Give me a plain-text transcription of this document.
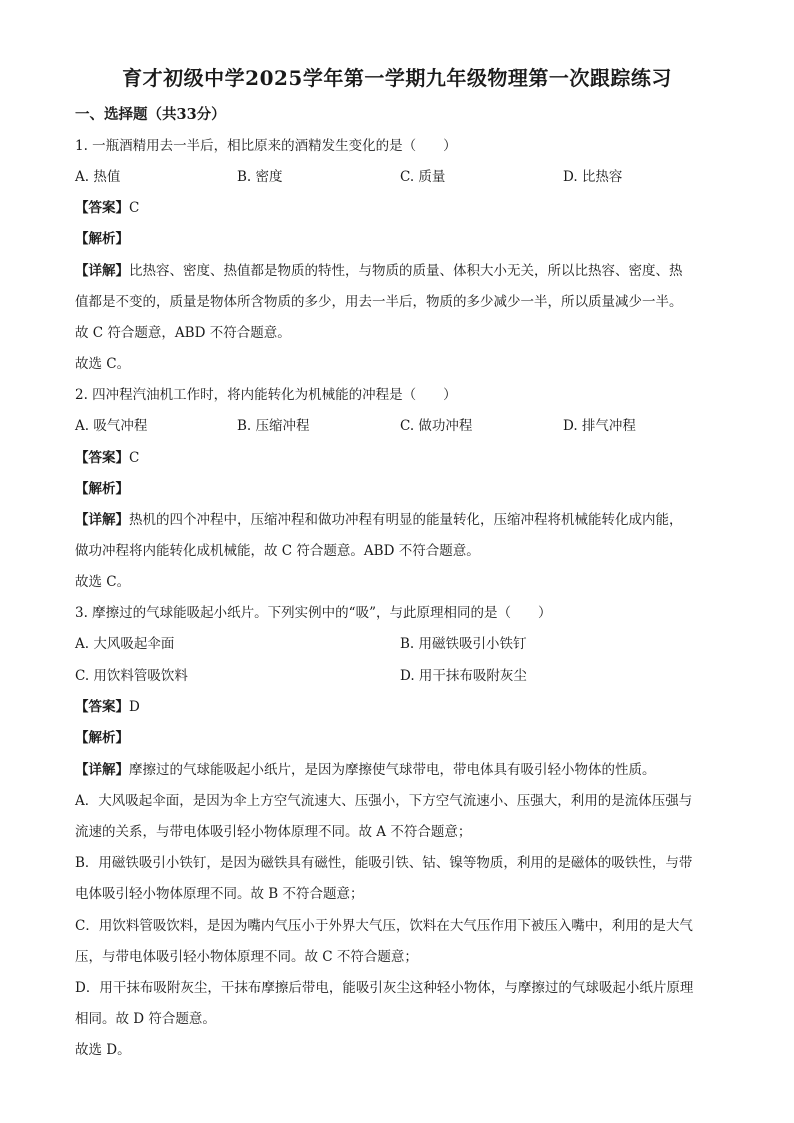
育才初级中学2025学年第一学期九年级物理第一次跟踪练习
一、选择题（共33分）
1. 一瓶酒精用去一半后，相比原来的酒精发生变化的是（　　）
A. 热值	B. 密度	C. 质量	D. 比热容
【答案】C
【解析】
【详解】比热容、密度、热值都是物质的特性，与物质的质量、体积大小无关，所以比热容、密度、热
值都是不变的，质量是物体所含物质的多少，用去一半后，物质的多少减少一半，所以质量减少一半。
故 C 符合题意，ABD 不符合题意。
故选 C。
2. 四冲程汽油机工作时，将内能转化为机械能的冲程是（　　）
A. 吸气冲程	B. 压缩冲程	C. 做功冲程	D. 排气冲程
【答案】C
【解析】
【详解】热机的四个冲程中，压缩冲程和做功冲程有明显的能量转化，压缩冲程将机械能转化成内能，
做功冲程将内能转化成机械能，故 C 符合题意。ABD 不符合题意。
故选 C。
3. 摩擦过的气球能吸起小纸片。下列实例中的“吸”，与此原理相同的是（　　）
A. 大风吸起伞面	B. 用磁铁吸引小铁钉
C. 用饮料管吸饮料	D. 用干抹布吸附灰尘
【答案】D
【解析】
【详解】摩擦过的气球能吸起小纸片，是因为摩擦使气球带电，带电体具有吸引轻小物体的性质。
A．大风吸起伞面，是因为伞上方空气流速大、压强小，下方空气流速小、压强大，利用的是流体压强与
流速的关系，与带电体吸引轻小物体原理不同。故 A 不符合题意；
B．用磁铁吸引小铁钉，是因为磁铁具有磁性，能吸引铁、钴、镍等物质，利用的是磁体的吸铁性，与带
电体吸引轻小物体原理不同。故 B 不符合题意；
C．用饮料管吸饮料，是因为嘴内气压小于外界大气压，饮料在大气压作用下被压入嘴中，利用的是大气
压，与带电体吸引轻小物体原理不同。故 C 不符合题意；
D．用干抹布吸附灰尘，干抹布摩擦后带电，能吸引灰尘这种轻小物体，与摩擦过的气球吸起小纸片原理
相同。故 D 符合题意。
故选 D。
